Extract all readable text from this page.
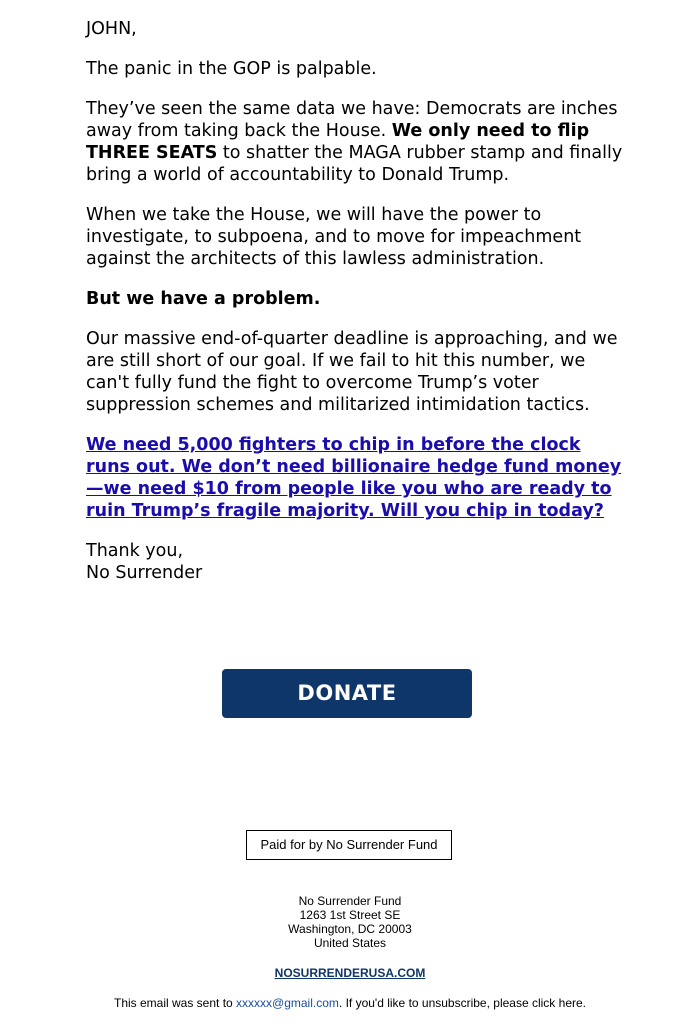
JOHN,

The panic in the GOP is palpable.

They’ve seen the same data we have: Democrats are inches away from taking back the House. We only need to flip THREE SEATS to shatter the MAGA rubber stamp and finally bring a world of accountability to Donald Trump.

When we take the House, we will have the power to investigate, to subpoena, and to move for impeachment against the architects of this lawless administration.

But we have a problem.

Our massive end-of-quarter deadline is approaching, and we are still short of our goal. If we fail to hit this number, we can't fully fund the fight to overcome Trump’s voter suppression schemes and militarized intimidation tactics.

We need 5,000 fighters to chip in before the clock runs out. We don’t need billionaire hedge fund money—we need $10 from people like you who are ready to ruin Trump’s fragile majority. Will you chip in today?

Thank you,
No Surrender

DONATE
Paid for by No Surrender Fund
No Surrender Fund
1263 1st Street SE
Washington, DC 20003
United States
NOSURRENDERUSA.COM
This email was sent to xxxxxx@gmail.com. If you'd like to unsubscribe, please click here.
